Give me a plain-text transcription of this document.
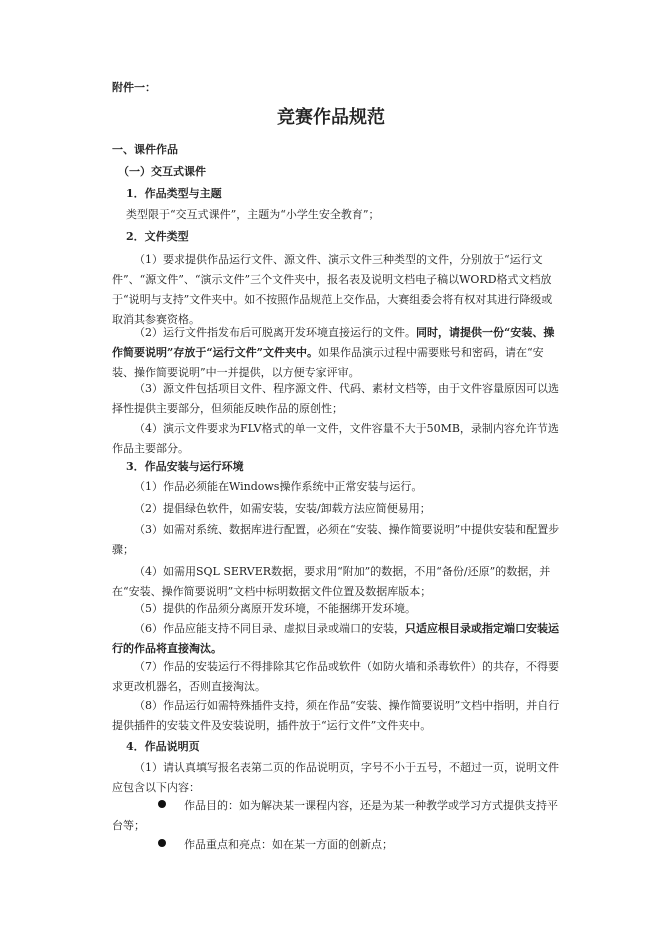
附件一：

竞赛作品规范

一、课件作品

（一）交互式课件

1．作品类型与主题

类型限于“交互式课件”，主题为“小学生安全教育”；

2．文件类型

（1）要求提供作品运行文件、源文件、演示文件三种类型的文件，分别放于“运行文件”、“源文件”、“演示文件”三个文件夹中，报名表及说明文档电子稿以WORD格式文档放于“说明与支持”文件夹中。如不按照作品规范上交作品，大赛组委会将有权对其进行降级或取消其参赛资格。

（2）运行文件指发布后可脱离开发环境直接运行的文件。同时，请提供一份“安装、操作简要说明”存放于“运行文件”文件夹中。如果作品演示过程中需要账号和密码，请在“安装、操作简要说明”中一并提供，以方便专家评审。

（3）源文件包括项目文件、程序源文件、代码、素材文档等，由于文件容量原因可以选择性提供主要部分，但须能反映作品的原创性；

（4）演示文件要求为FLV格式的单一文件，文件容量不大于50MB，录制内容允许节选作品主要部分。

3．作品安装与运行环境

（1）作品必须能在Windows操作系统中正常安装与运行。

（2）提倡绿色软件，如需安装，安装/卸载方法应简便易用；

（3）如需对系统、数据库进行配置，必须在“安装、操作简要说明”中提供安装和配置步骤；

（4）如需用SQL SERVER数据，要求用“附加”的数据，不用“备份/还原”的数据，并在“安装、操作简要说明”文档中标明数据文件位置及数据库版本；

（5）提供的作品须分离原开发环境，不能捆绑开发环境。

（6）作品应能支持不同目录、虚拟目录或端口的安装，只适应根目录或指定端口安装运行的作品将直接淘汰。

（7）作品的安装运行不得排除其它作品或软件（如防火墙和杀毒软件）的共存，不得要求更改机器名，否则直接淘汰。

（8）作品运行如需特殊插件支持，须在作品“安装、操作简要说明”文档中指明，并自行提供插件的安装文件及安装说明，插件放于“运行文件”文件夹中。

4．作品说明页

（1）请认真填写报名表第二页的作品说明页，字号不小于五号，不超过一页，说明文件应包含以下内容：

作品目的：如为解决某一课程内容，还是为某一种教学或学习方式提供支持平台等；
作品重点和亮点：如在某一方面的创新点；
